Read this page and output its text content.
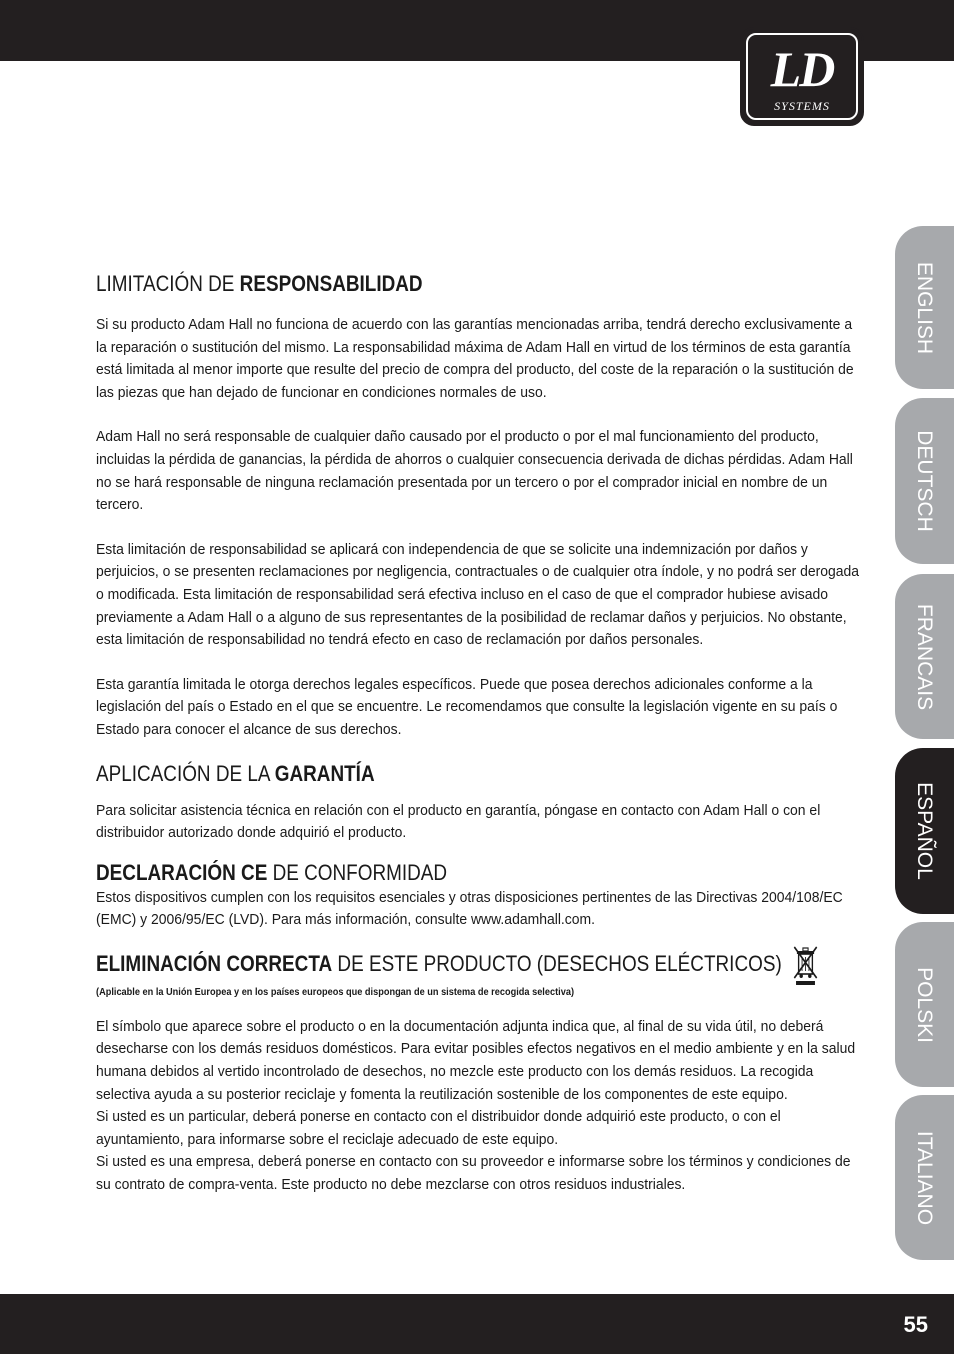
LD
SYSTEMS
ENGLISH
DEUTSCH
FRANCAIS
ESPAÑOL
POLSKI
ITALIANO
LIMITACIÓN DE RESPONSABILIDAD

Si su producto Adam Hall no funciona de acuerdo con las garantías mencionadas arriba, tendrá derecho exclusivamente a la reparación o sustitución del mismo. La responsabilidad máxima de Adam Hall en virtud de los términos de esta garantía está limitada al menor importe que resulte del precio de compra del producto, del coste de la reparación o la sustitución de las piezas que han dejado de funcionar en condiciones normales de uso.

Adam Hall no será responsable de cualquier daño causado por el producto o por el mal funcionamiento del producto, incluidas la pérdida de ganancias, la pérdida de ahorros o cualquier consecuencia derivada de dichas pérdidas. Adam Hall no se hará responsable de ninguna reclamación presentada por un tercero o por el comprador inicial en nombre de un tercero.

Esta limitación de responsabilidad se aplicará con independencia de que se solicite una indemnización por daños y perjuicios, o se presenten reclamaciones por negligencia, contractuales o de cualquier otra índole, y no podrá ser derogada o modificada. Esta limitación de responsabilidad será efectiva incluso en el caso de que el comprador hubiese avisado previamente a Adam Hall o a alguno de sus representantes de la posibilidad de reclamar daños y perjuicios. No obstante, esta limitación de responsabilidad no tendrá efecto en caso de reclamación por daños personales.

Esta garantía limitada le otorga derechos legales específicos. Puede que posea derechos adicionales conforme a la legislación del país o Estado en el que se encuentre. Le recomendamos que consulte la legislación vigente en su país o Estado para conocer el alcance de sus derechos.

APLICACIÓN DE LA GARANTÍA

Para solicitar asistencia técnica en relación con el producto en garantía, póngase en contacto con Adam Hall o con el distribuidor autorizado donde adquirió el producto.

DECLARACIÓN CE DE CONFORMIDAD

Estos dispositivos cumplen con los requisitos esenciales y otras disposiciones pertinentes de las Directivas 2004/108/EC (EMC) y 2006/95/EC (LVD). Para más información, consulte www.adamhall.com.

ELIMINACIÓN CORRECTA DE ESTE PRODUCTO (DESECHOS ELÉCTRICOS)
(Aplicable en la Unión Europea y en los países europeos que dispongan de un sistema de recogida selectiva)

El símbolo que aparece sobre el producto o en la documentación adjunta indica que, al final de su vida útil, no deberá desecharse con los demás residuos domésticos. Para evitar posibles efectos negativos en el medio ambiente y en la salud humana debidos al vertido incontrolado de desechos, no mezcle este producto con los demás residuos. La recogida selectiva ayuda a su posterior reciclaje y fomenta la reutilización sostenible de los componentes de este equipo.

Si usted es un particular, deberá ponerse en contacto con el distribuidor donde adquirió este producto, o con el ayuntamiento, para informarse sobre el reciclaje adecuado de este equipo.

Si usted es una empresa, deberá ponerse en contacto con su proveedor e informarse sobre los términos y condiciones de su contrato de compra-venta. Este producto no debe mezclarse con otros residuos industriales.

55
